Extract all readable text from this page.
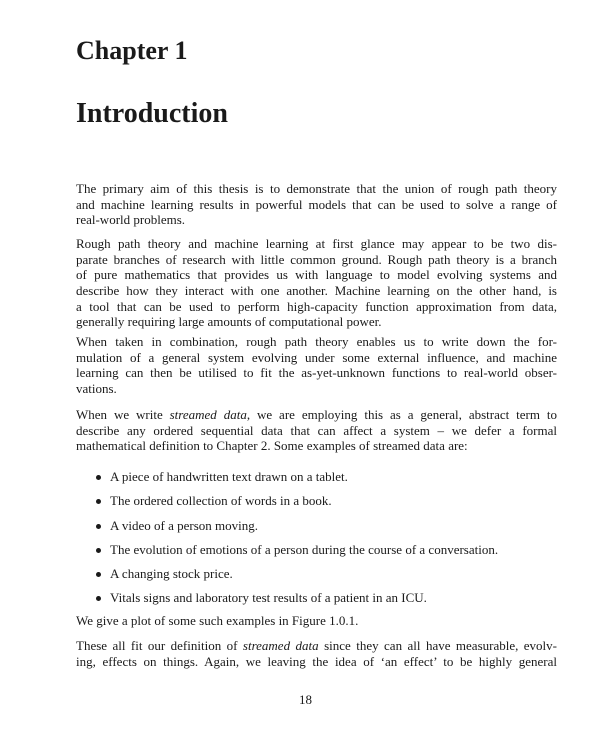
Chapter 1
Introduction
The primary aim of this thesis is to demonstrate that the union of rough path theory
and machine learning results in powerful models that can be used to solve a range of
real-world problems.
Rough path theory and machine learning at first glance may appear to be two dis-
parate branches of research with little common ground. Rough path theory is a branch
of pure mathematics that provides us with language to model evolving systems and
describe how they interact with one another. Machine learning on the other hand, is
a tool that can be used to perform high-capacity function approximation from data,
generally requiring large amounts of computational power.
When taken in combination, rough path theory enables us to write down the for-
mulation of a general system evolving under some external influence, and machine
learning can then be utilised to fit the as-yet-unknown functions to real-world obser-
vations.
When we write streamed data, we are employing this as a general, abstract term to
describe any ordered sequential data that can affect a system – we defer a formal
mathematical definition to Chapter 2. Some examples of streamed data are:
We give a plot of some such examples in Figure 1.0.1.
These all fit our definition of streamed data since they can all have measurable, evolv-
ing, effects on things. Again, we leaving the idea of ‘an effect’ to be highly general
A piece of handwritten text drawn on a tablet.
The ordered collection of words in a book.
A video of a person moving.
The evolution of emotions of a person during the course of a conversation.
A changing stock price.
Vitals signs and laboratory test results of a patient in an ICU.
18
